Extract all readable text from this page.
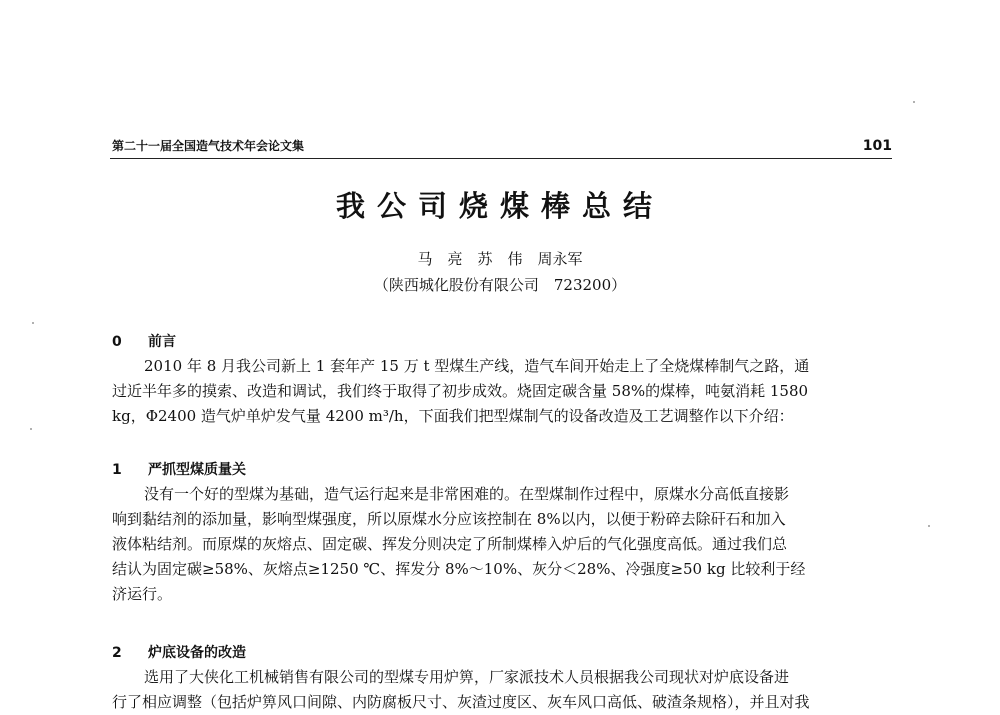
第二十一届全国造气技术年会论文集	101
我公司烧煤棒总结
马　亮　苏　伟　周永军
（陕西城化股份有限公司　723200）
0 前言

2010 年 8 月我公司新上 1 套年产 15 万 t 型煤生产线，造气车间开始走上了全烧煤棒制气之路，通
过近半年多的摸索、改造和调试，我们终于取得了初步成效。烧固定碳含量 58%的煤棒，吨氨消耗 1580
kg，Φ2400 造气炉单炉发气量 4200 m³/h，下面我们把型煤制气的设备改造及工艺调整作以下介绍：

1 严抓型煤质量关

没有一个好的型煤为基础，造气运行起来是非常困难的。在型煤制作过程中，原煤水分高低直接影
响到黏结剂的添加量，影响型煤强度，所以原煤水分应该控制在 8%以内，以便于粉碎去除矸石和加入
液体粘结剂。而原煤的灰熔点、固定碳、挥发分则决定了所制煤棒入炉后的气化强度高低。通过我们总
结认为固定碳≥58%、灰熔点≥1250 ℃、挥发分 8%～10%、灰分＜28%、冷强度≥50 kg 比较利于经
济运行。

2 炉底设备的改造

选用了大侠化工机械销售有限公司的型煤专用炉箅，厂家派技术人员根据我公司现状对炉底设备进
行了相应调整（包括炉箅风口间隙、内防腐板尺寸、灰渣过度区、灰车风口高低、破渣条规格），并且对我
